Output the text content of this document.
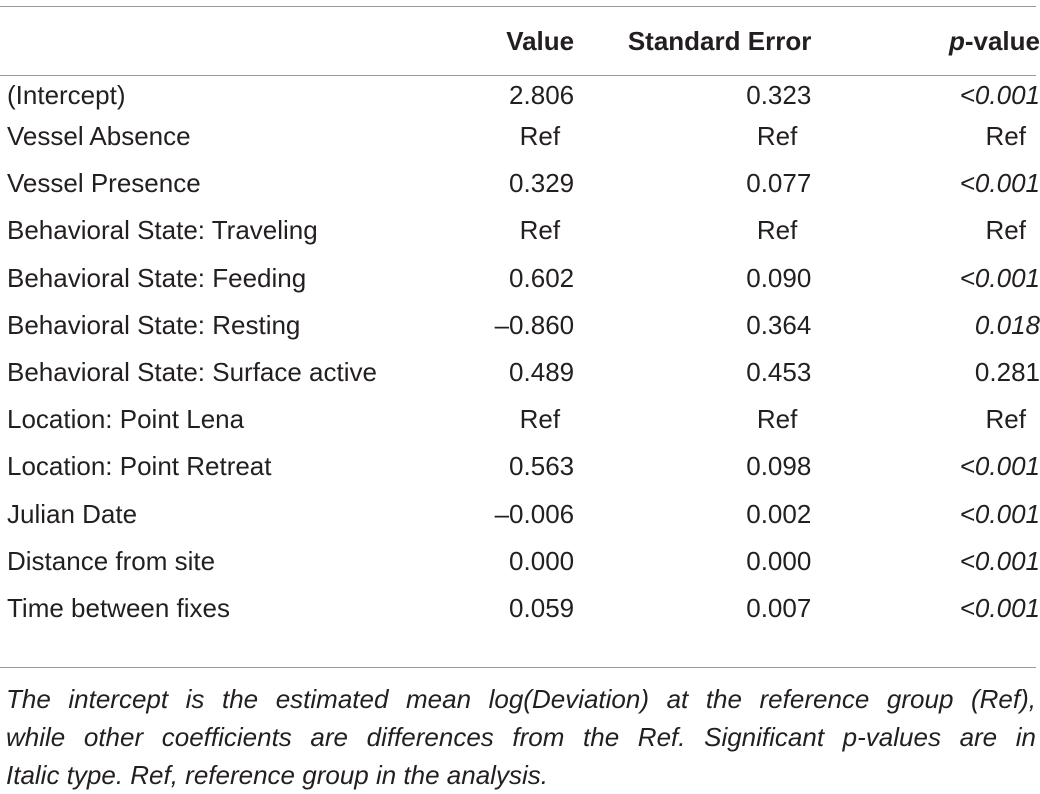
	Value	Standard Error	p-value
(Intercept)	2.806	0.323	<0.001
Vessel Absence	Ref	Ref	Ref
Vessel Presence	0.329	0.077	<0.001
Behavioral State: Traveling	Ref	Ref	Ref
Behavioral State: Feeding	0.602	0.090	<0.001
Behavioral State: Resting	–0.860	0.364	0.018
Behavioral State: Surface active	0.489	0.453	0.281
Location: Point Lena	Ref	Ref	Ref
Location: Point Retreat	0.563	0.098	<0.001
Julian Date	–0.006	0.002	<0.001
Distance from site	0.000	0.000	<0.001
Time between fixes	0.059	0.007	<0.001
The intercept is the estimated mean log(Deviation) at the reference group (Ref),
while other coefficients are differences from the Ref. Significant p-values are in
Italic type. Ref, reference group in the analysis.
